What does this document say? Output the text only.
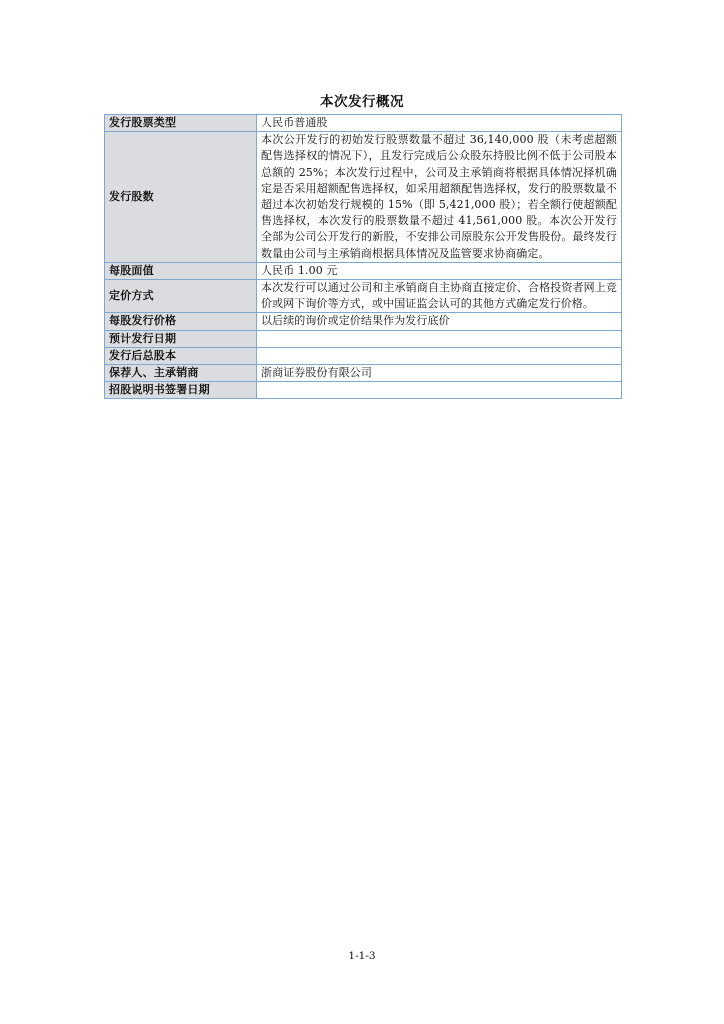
本次发行概况
发行股票类型	人民币普通股
发行股数	本次公开发行的初始发行股票数量不超过 36,140,000 股（未考虑超额配售选择权的情况下），且发行完成后公众股东持股比例不低于公司股本总额的 25%；本次发行过程中，公司及主承销商将根据具体情况择机确定是否采用超额配售选择权，如采用超额配售选择权，发行的股票数量不超过本次初始发行规模的 15%（即 5,421,000 股）；若全额行使超额配售选择权，本次发行的股票数量不超过 41,561,000 股。本次公开发行全部为公司公开发行的新股，不安排公司原股东公开发售股份。最终发行数量由公司与主承销商根据具体情况及监管要求协商确定。
每股面值	人民币 1.00 元
定价方式	本次发行可以通过公司和主承销商自主协商直接定价、合格投资者网上竞价或网下询价等方式，或中国证监会认可的其他方式确定发行价格。
每股发行价格	以后续的询价或定价结果作为发行底价
预计发行日期	
发行后总股本	
保荐人、主承销商	浙商证券股份有限公司
招股说明书签署日期	
1-1-3
